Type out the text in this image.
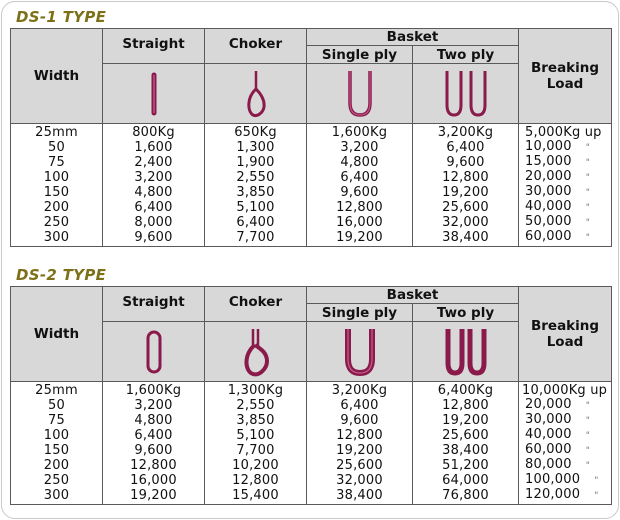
DS-1 TYPE
Width	Straight	Choker	Basket		Breaking
Load
			Single ply	Two ply	

25mm	800Kg	650Kg	1,600Kg	3,200Kg	5,000Kg up
50	1,600	1,300	3,200	6,400	10,000 "
75	2,400	1,900	4,800	9,600	15,000 "
100	3,200	2,550	6,400	12,800	20,000 "
150	4,800	3,850	9,600	19,200	30,000 "
200	6,400	5,100	12,800	25,600	40,000 "
250	8,000	6,400	16,000	32,000	50,000 "
300	9,600	7,700	19,200	38,400	60,000 "
DS-2 TYPE
Width	Straight	Choker	Basket		Breaking
Load
			Single ply	Two ply	

25mm	1,600Kg	1,300Kg	3,200Kg	6,400Kg	10,000Kg up
50	3,200	2,550	6,400	12,800	20,000 "
75	4,800	3,850	9,600	19,200	30,000 "
100	6,400	5,100	12,800	25,600	40,000 "
150	9,600	7,700	19,200	38,400	60,000 "
200	12,800	10,200	25,600	51,200	80,000 "
250	16,000	12,800	32,000	64,000	100,000 "
300	19,200	15,400	38,400	76,800	120,000 "
